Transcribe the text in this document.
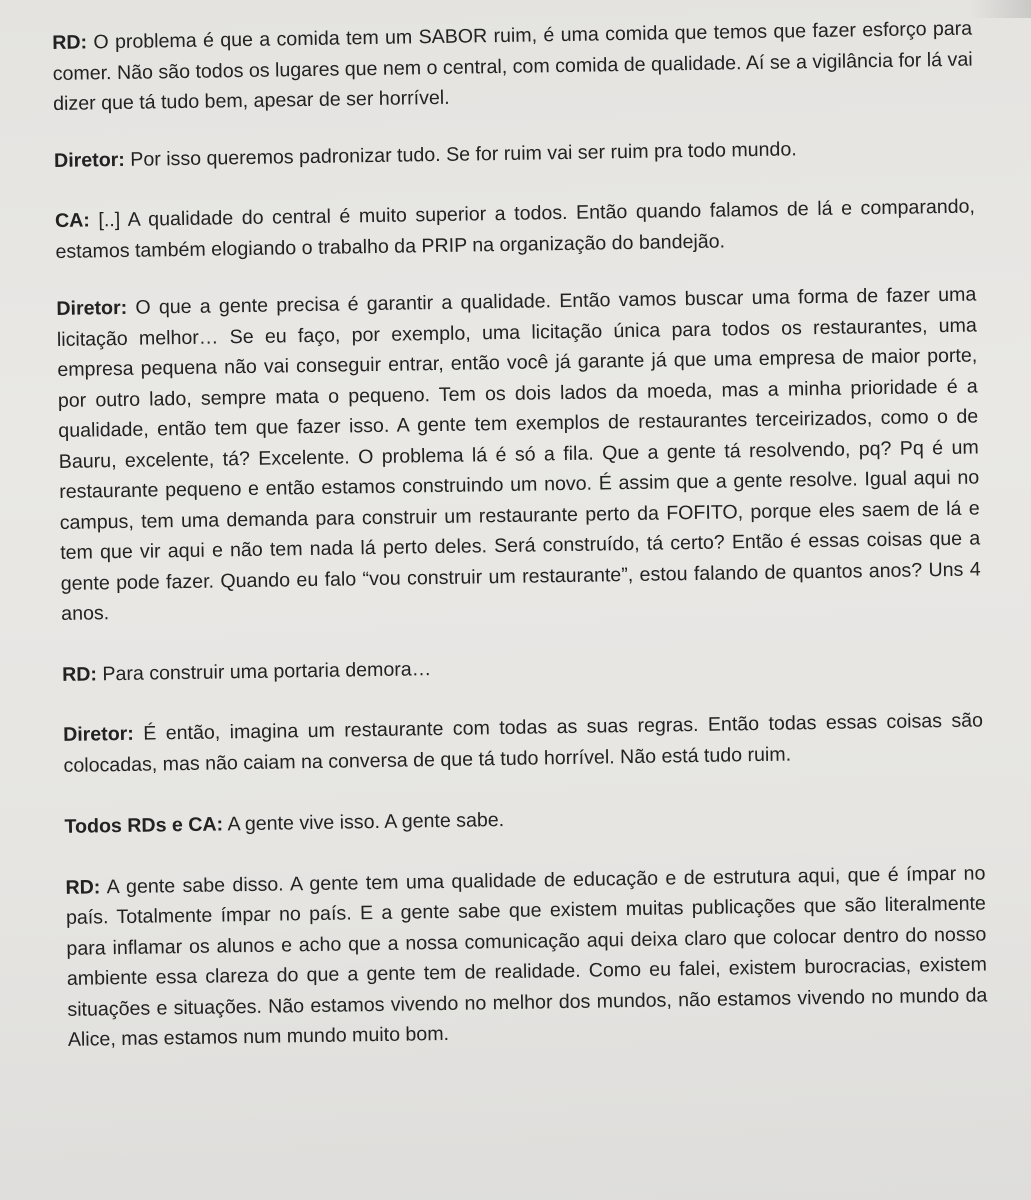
RD: O problema é que a comida tem um SABOR ruim, é uma comida que temos que fazer esforço para comer. Não são todos os lugares que nem o central, com comida de qualidade. Aí se a vigilância for lá vai dizer que tá tudo bem, apesar de ser horrível.

Diretor: Por isso queremos padronizar tudo. Se for ruim vai ser ruim pra todo mundo.

CA: [..] A qualidade do central é muito superior a todos. Então quando falamos de lá e comparando, estamos também elogiando o trabalho da PRIP na organização do bandejão.

Diretor: O que a gente precisa é garantir a qualidade. Então vamos buscar uma forma de fazer uma licitação melhor… Se eu faço, por exemplo, uma licitação única para todos os restaurantes, uma empresa pequena não vai conseguir entrar, então você já garante já que uma empresa de maior porte, por outro lado, sempre mata o pequeno. Tem os dois lados da moeda, mas a minha prioridade é a qualidade, então tem que fazer isso. A gente tem exemplos de restaurantes terceirizados, como o de Bauru, excelente, tá? Excelente. O problema lá é só a fila. Que a gente tá resolvendo, pq? Pq é um restaurante pequeno e então estamos construindo um novo. É assim que a gente resolve. Igual aqui no campus, tem uma demanda para construir um restaurante perto da FOFITO, porque eles saem de lá e tem que vir aqui e não tem nada lá perto deles. Será construído, tá certo? Então é essas coisas que a gente pode fazer. Quando eu falo “vou construir um restaurante”, estou falando de quantos anos? Uns 4 anos.

RD: Para construir uma portaria demora…

Diretor: É então, imagina um restaurante com todas as suas regras. Então todas essas coisas são colocadas, mas não caiam na conversa de que tá tudo horrível. Não está tudo ruim.

Todos RDs e CA: A gente vive isso. A gente sabe.

RD: A gente sabe disso. A gente tem uma qualidade de educação e de estrutura aqui, que é ímpar no país. Totalmente ímpar no país. E a gente sabe que existem muitas publicações que são literalmente para inflamar os alunos e acho que a nossa comunicação aqui deixa claro que colocar dentro do nosso ambiente essa clareza do que a gente tem de realidade. Como eu falei, existem burocracias, existem situações e situações. Não estamos vivendo no melhor dos mundos, não estamos vivendo no mundo da Alice, mas estamos num mundo muito bom.
